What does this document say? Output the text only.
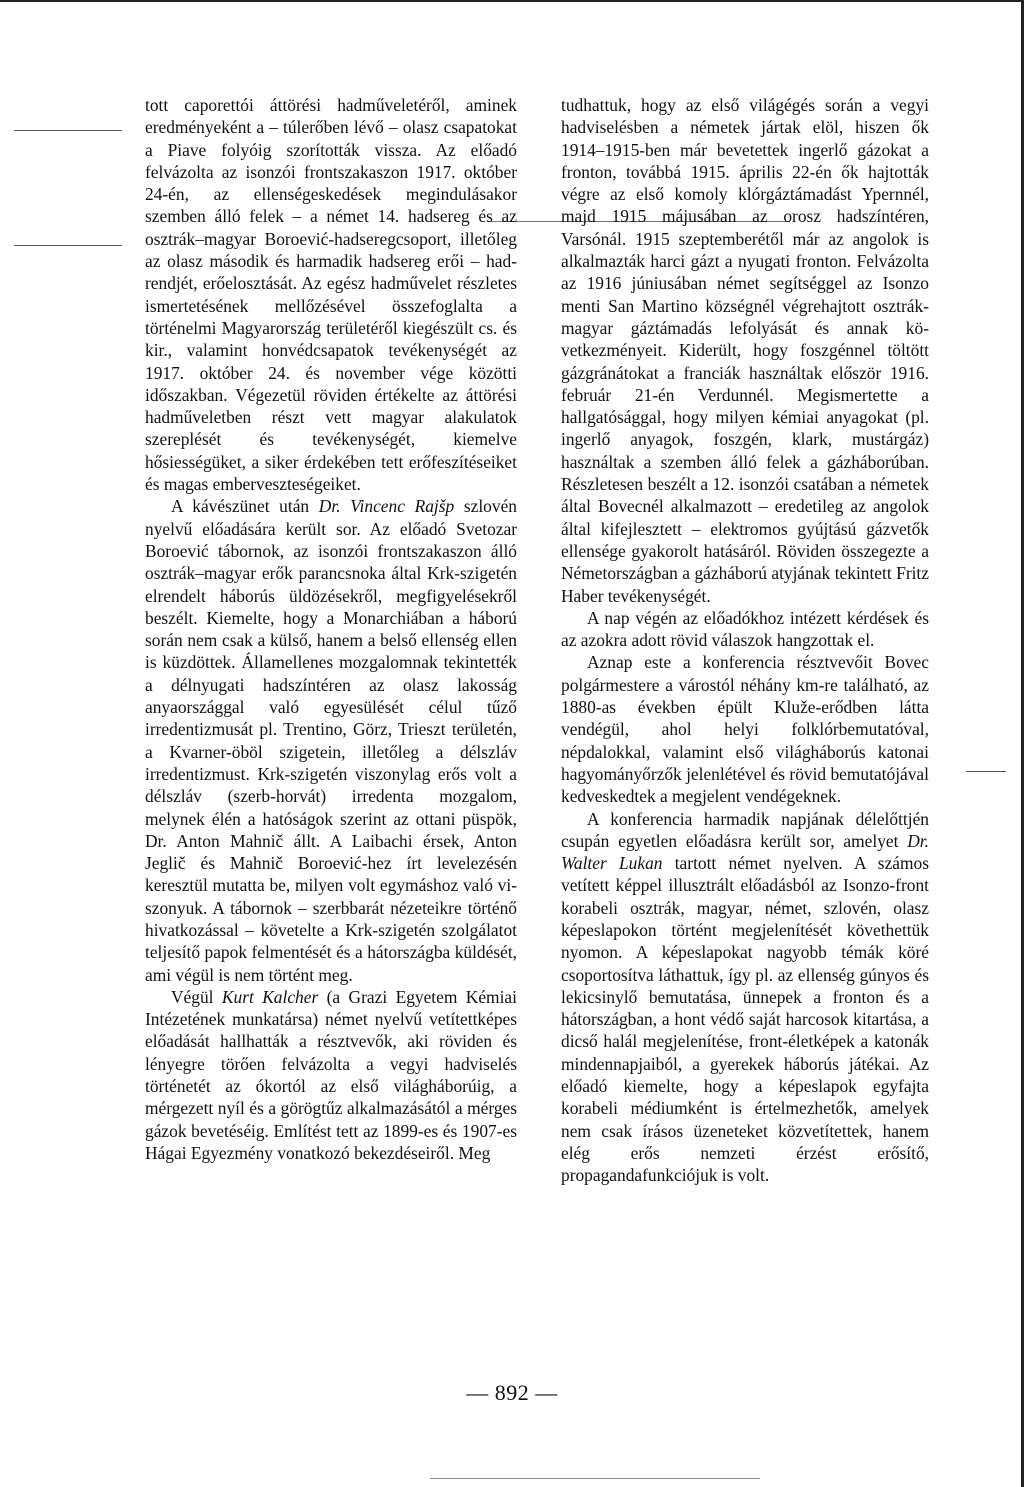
tott caporettói áttörési hadműveletéről, aminek eredményeként a – túlerőben lévő – olasz csapatokat a Piave folyóig szorították vissza. Az előadó felvázolta az isonzói frontszakaszon 1917. október 24-én, az ellenségeskedések megindulásakor szemben álló felek – a német 14. hadsereg és az osztrák–magyar Boroević-hadseregcsoport, illetőleg az olasz második és harmadik hadsereg erői – hadrendjét, erőelosztását. Az egész hadművelet részletes ismertetésének mellőzésével összefoglalta a történelmi Magyarország területéről kiegészült cs. és kir., valamint honvédcsapatok tevékenységét az 1917. október 24. és november vége közötti időszakban. Végezetül röviden értékelte az áttörési hadműveletben részt vett magyar alakulatok szereplését és tevékenységét, kiemelve hősiességüket, a siker érdekében tett erőfeszítéseiket és magas emberveszteségeiket.

A kávészünet után Dr. Vincenc Rajšp szlovén nyelvű előadására került sor. Az előadó Svetozar Boroević tábornok, az isonzói frontszakaszon álló osztrák–magyar erők parancsnoka által Krk-szigetén elrendelt háborús üldözésekről, megfigyelésekről beszélt. Kiemelte, hogy a Monarchiában a háború során nem csak a külső, hanem a belső ellenség ellen is küzdöttek. Államellenes mozgalomnak tekintették a délnyugati hadszíntéren az olasz lakosság anyaországgal való egyesülését célul tűző irredentizmusát pl. Trentino, Görz, Trieszt területén, a Kvarner-öböl szigetein, illetőleg a délszláv irredentizmust. Krk-szigetén viszonylag erős volt a délszláv (szerb-horvát) irredenta mozgalom, melynek élén a hatóságok szerint az ottani püspök, Dr. Anton Mahnič állt. A Laibachi érsek, Anton Jeglič és Mahnič Boroević-hez írt levelezésén keresztül mutatta be, milyen volt egymáshoz való viszonyuk. A tábornok – szerbbarát nézeteikre történő hivatkozással – követelte a Krk-szigetén szolgálatot teljesítő papok felmentését és a hátországba küldését, ami végül is nem történt meg.

Végül Kurt Kalcher (a Grazi Egyetem Kémiai Intézetének munkatársa) német nyelvű vetítettképes előadását hallhatták a résztvevők, aki röviden és lényegre törően felvázolta a vegyi hadviselés történetét az ókortól az első világháborúig, a mérgezett nyíl és a görögtűz alkalmazásától a mérges gázok bevetéséig. Említést tett az 1899-es és 1907-es Hágai Egyezmény vonatkozó bekezdéseiről. Meg

tudhattuk, hogy az első világégés során a vegyi hadviselésben a németek jártak elöl, hiszen ők 1914–1915-ben már bevetettek ingerlő gázokat a fronton, továbbá 1915. április 22-én ők hajtották végre az első komoly klórgáztámadást Ypernnél, majd 1915 májusában az orosz hadszíntéren, Varsónál. 1915 szeptemberétől már az angolok is alkalmazták harci gázt a nyugati fronton. Felvázolta az 1916 júniusában német segítséggel az Isonzo menti San Martino községnél végrehajtott osztrákmagyar gáztámadás lefolyását és annak következményeit. Kiderült, hogy foszgénnel töltött gázgránátokat a franciák használtak először 1916. február 21-én Verdunnél. Megismertette a hallgatósággal, hogy milyen kémiai anyagokat (pl. ingerlő anyagok, foszgén, klark, mustárgáz) használtak a szemben álló felek a gázháborúban. Részletesen beszélt a 12. isonzói csatában a németek által Bovecnél alkalmazott – eredetileg az angolok által kifejlesztett – elektromos gyújtású gázvetők ellensége gyakorolt hatásáról. Röviden összegezte a Németországban a gázháború atyjának tekintett Fritz Haber tevékenységét.

A nap végén az előadókhoz intézett kérdések és az azokra adott rövid válaszok hangzottak el.

Aznap este a konferencia résztvevőit Bovec polgármestere a várostól néhány km-re található, az 1880-as években épült Kluže-erődben látta vendégül, ahol helyi folklórbemutatóval, népdalokkal, valamint első világháborús katonai hagyományőrzők jelenlétével és rövid bemutatójával kedveskedtek a megjelent vendégeknek.

A konferencia harmadik napjának délelőttjén csupán egyetlen előadásra került sor, amelyet Dr. Walter Lukan tartott német nyelven. A számos vetített képpel illusztrált előadásból az Isonzo-front korabeli osztrák, magyar, német, szlovén, olasz képeslapokon történt megjelenítését követhettük nyomon. A képeslapokat nagyobb témák köré csoportosítva láthattuk, így pl. az ellenség gúnyos és lekicsinylő bemutatása, ünnepek a fronton és a hátországban, a hont védő saját harcosok kitartása, a dicső halál megjelenítése, front-életképek a katonák mindennapjaiból, a gyerekek háborús játékai. Az előadó kiemelte, hogy a képeslapok egyfajta korabeli médiumként is értelmezhetők, amelyek nem csak írásos üzeneteket közvetítettek, hanem elég erős nemzeti érzést erősítő, propagandafunkciójuk is volt.

— 892 —
